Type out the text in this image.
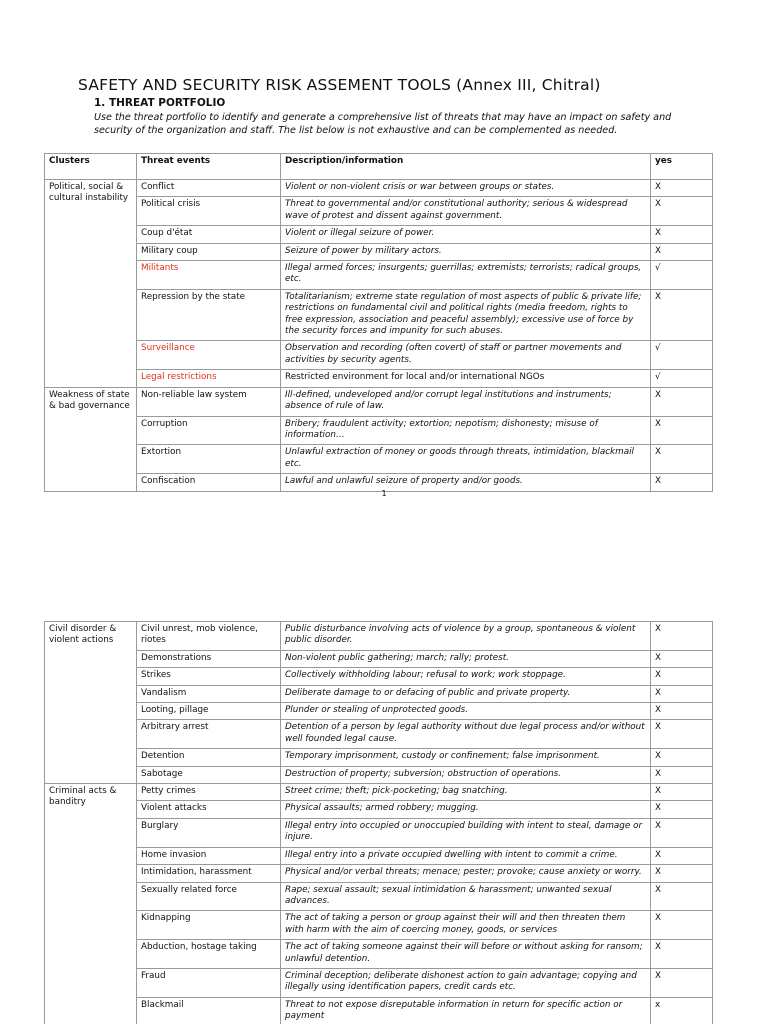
SAFETY AND SECURITY RISK ASSEMENT TOOLS (Annex III, Chitral)
1. THREAT PORTFOLIO
Use the threat portfolio to identify and generate a comprehensive list of threats that may have an impact on safety and security of the organization and staff. The list below is not exhaustive and can be complemented as needed.
Clusters	Threat events	Description/information	yes
Political, social & cultural instability	Conflict	Violent or non-violent crisis or war between groups or states.	X
	Political crisis	Threat to governmental and/or constitutional authority; serious & widespread wave of protest and dissent against government.	X
	Coup d'état	Violent or illegal seizure of power.	X
	Military coup	Seizure of power by military actors.	X
	Militants	Illegal armed forces; insurgents; guerrillas; extremists; terrorists; radical groups, etc.	√
	Repression by the state	Totalitarianism; extreme state regulation of most aspects of public & private life; restrictions on fundamental civil and political rights (media freedom, rights to free expression, association and peaceful assembly); excessive use of force by the security forces and impunity for such abuses.	X
	Surveillance	Observation and recording (often covert) of staff or partner movements and activities by security agents.	√
	Legal restrictions	Restricted environment for local and/or international NGOs	√
Weakness of state & bad governance	Non-reliable law system	Ill-defined, undeveloped and/or corrupt legal institutions and instruments; absence of rule of law.	X
	Corruption	Bribery; fraudulent activity; extortion; nepotism; dishonesty; misuse of information…	X
	Extortion	Unlawful extraction of money or goods through threats, intimidation, blackmail etc.	X
	Confiscation	Lawful and unlawful seizure of property and/or goods.	X
1
Civil disorder & violent actions	Civil unrest, mob violence, riotes	Public disturbance involving acts of violence by a group, spontaneous & violent public disorder.	X
	Demonstrations	Non-violent public gathering; march; rally; protest.	X
	Strikes	Collectively withholding labour; refusal to work; work stoppage.	X
	Vandalism	Deliberate damage to or defacing of public and private property.	X
	Looting, pillage	Plunder or stealing of unprotected goods.	X
	Arbitrary arrest	Detention of a person by legal authority without due legal process and/or without well founded legal cause.	X
	Detention	Temporary imprisonment, custody or confinement; false imprisonment.	X
	Sabotage	Destruction of property; subversion; obstruction of operations.	X
Criminal acts & banditry	Petty crimes	Street crime; theft; pick-pocketing; bag snatching.	X
	Violent attacks	Physical assaults; armed robbery; mugging.	X
	Burglary	Illegal entry into occupied or unoccupied building with intent to steal, damage or injure.	X
	Home invasion	Illegal entry into a private occupied dwelling with intent to commit a crime.	X
	Intimidation, harassment	Physical and/or verbal threats; menace; pester; provoke; cause anxiety or worry.	X
	Sexually related force	Rape; sexual assault; sexual intimidation & harassment; unwanted sexual advances.	X
	Kidnapping	The act of taking a person or group against their will and then threaten them with harm with the aim of coercing money, goods, or services	X
	Abduction, hostage taking	The act of taking someone against their will before or without asking for ransom; unlawful detention.	X
	Fraud	Criminal deception; deliberate dishonest action to gain advantage; copying and illegally using identification papers, credit cards etc.	X
	Blackmail	Threat to not expose disreputable information in return for specific action or payment	x
